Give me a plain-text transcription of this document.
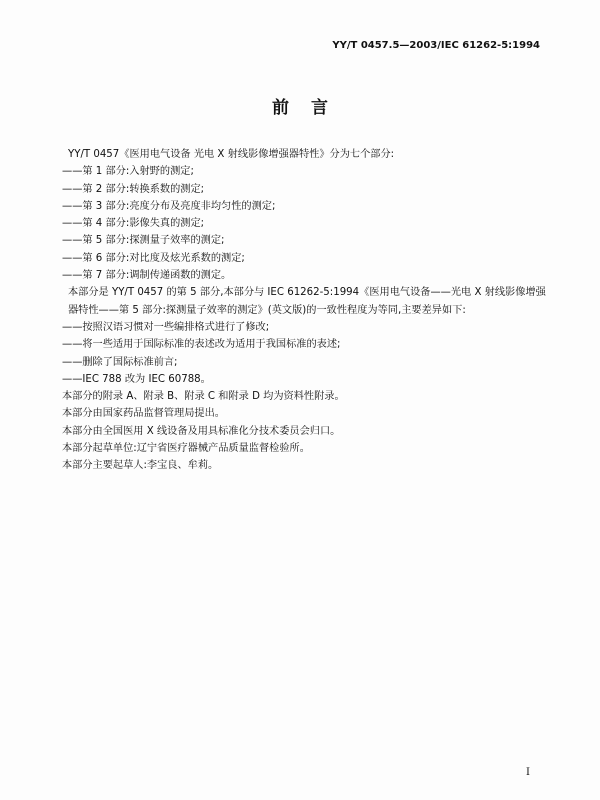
YY/T 0457.5—2003/IEC 61262-5:1994
前言
YY/T 0457《医用电气设备 光电 X 射线影像增强器特性》分为七个部分:
——第 1 部分:入射野的测定;
——第 2 部分:转换系数的测定;
——第 3 部分:亮度分布及亮度非均匀性的测定;
——第 4 部分:影像失真的测定;
——第 5 部分:探测量子效率的测定;
——第 6 部分:对比度及炫光系数的测定;
——第 7 部分:调制传递函数的测定。
本部分是 YY/T 0457 的第 5 部分,本部分与 IEC 61262-5:1994《医用电气设备——光电 X 射线影像增强器特性——第 5 部分:探测量子效率的测定》(英文版)的一致性程度为等同,主要差异如下:
——按照汉语习惯对一些编排格式进行了修改;
——将一些适用于国际标准的表述改为适用于我国标准的表述;
——删除了国际标准前言;
——IEC 788 改为 IEC 60788。
本部分的附录 A、附录 B、附录 C 和附录 D 均为资料性附录。
本部分由国家药品监督管理局提出。
本部分由全国医用 X 线设备及用具标准化分技术委员会归口。
本部分起草单位:辽宁省医疗器械产品质量监督检验所。
本部分主要起草人:李宝良、牟莉。
I
